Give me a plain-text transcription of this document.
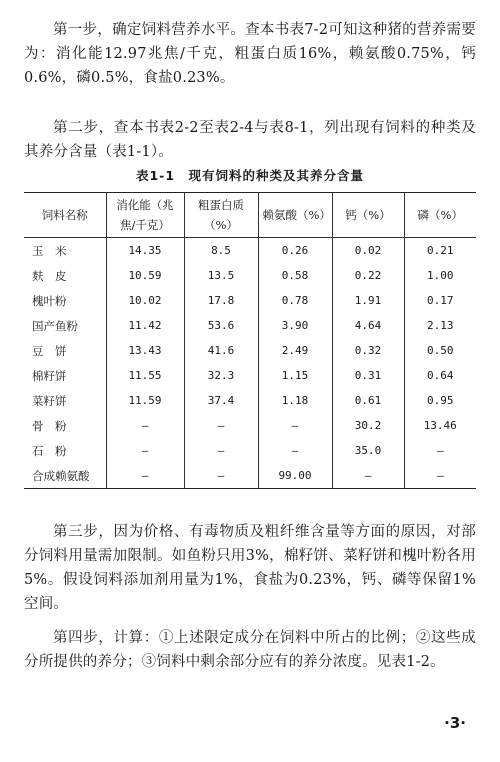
第一步，确定饲料营养水平。查本书表7-2可知这种猪的营养需要为：消化能12.97兆焦/千克，粗蛋白质16%，赖氨酸0.75%，钙0.6%，磷0.5%，食盐0.23%。

第二步，查本书表2-2至表2-4与表8-1，列出现有饲料的种类及其养分含量（表1-1）。

表1-1　现有饲料的种类及其养分含量
饲料名称	消化能（兆焦/千克）	粗蛋白质（%）	赖氨酸（%）	钙（%）	磷（%）
玉　米	14.35	8.5	0.26	0.02	0.21
麸　皮	10.59	13.5	0.58	0.22	1.00
槐叶粉	10.02	17.8	0.78	1.91	0.17
国产鱼粉	11.42	53.6	3.90	4.64	2.13
豆　饼	13.43	41.6	2.49	0.32	0.50
棉籽饼	11.55	32.3	1.15	0.31	0.64
菜籽饼	11.59	37.4	1.18	0.61	0.95
骨　粉	—	—	—	30.2	13.46
石　粉	—	—	—	35.0	—
合成赖氨酸	—	—	99.00	—	—

第三步，因为价格、有毒物质及粗纤维含量等方面的原因，对部分饲料用量需加限制。如鱼粉只用3%，棉籽饼、菜籽饼和槐叶粉各用5%。假设饲料添加剂用量为1%，食盐为0.23%，钙、磷等保留1%空间。

第四步，计算：①上述限定成分在饲料中所占的比例；②这些成分所提供的养分；③饲料中剩余部分应有的养分浓度。见表1-2。

·3·
